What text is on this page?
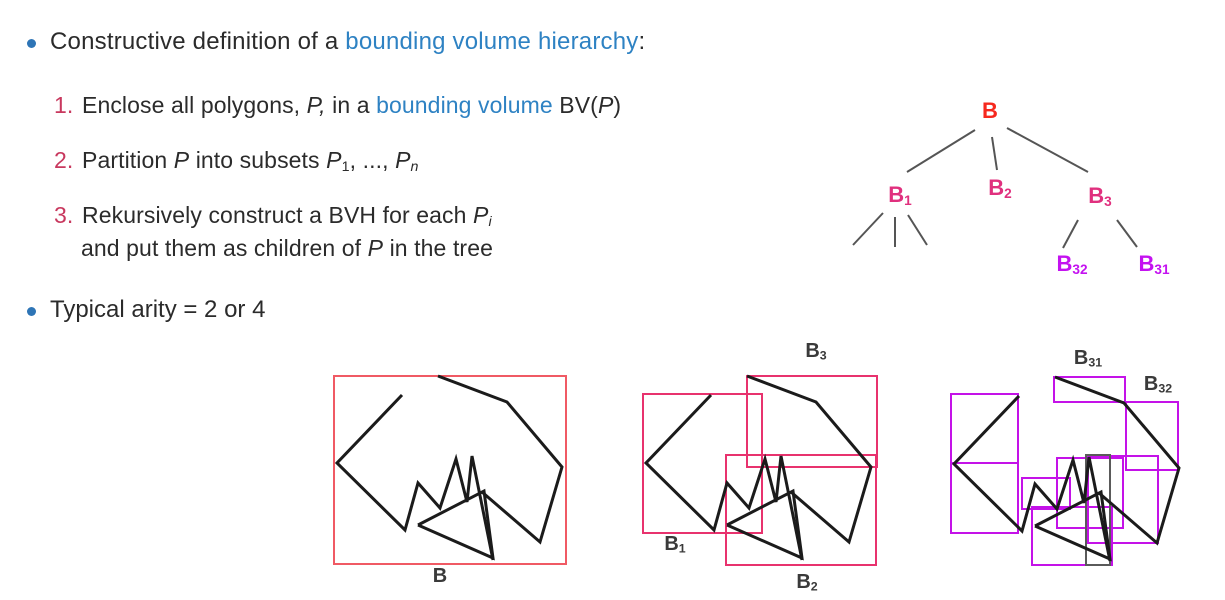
Constructive definition of a bounding volume hierarchy:
1. Enclose all polygons, P, in a bounding volume BV(P)
2. Partition P into subsets $P_1$, ..., $P_n$
3. Rekursively construct a BVH for each $P_i$
and put them as children of P in the tree
Typical arity = 2 or 4
B
$B_1$
$B_2$	$B_3$
$B_{32}$ $B_{31}$
B
$B_1$
$B_2$
$B_3$	$B_{31}$
$B_{32}$
